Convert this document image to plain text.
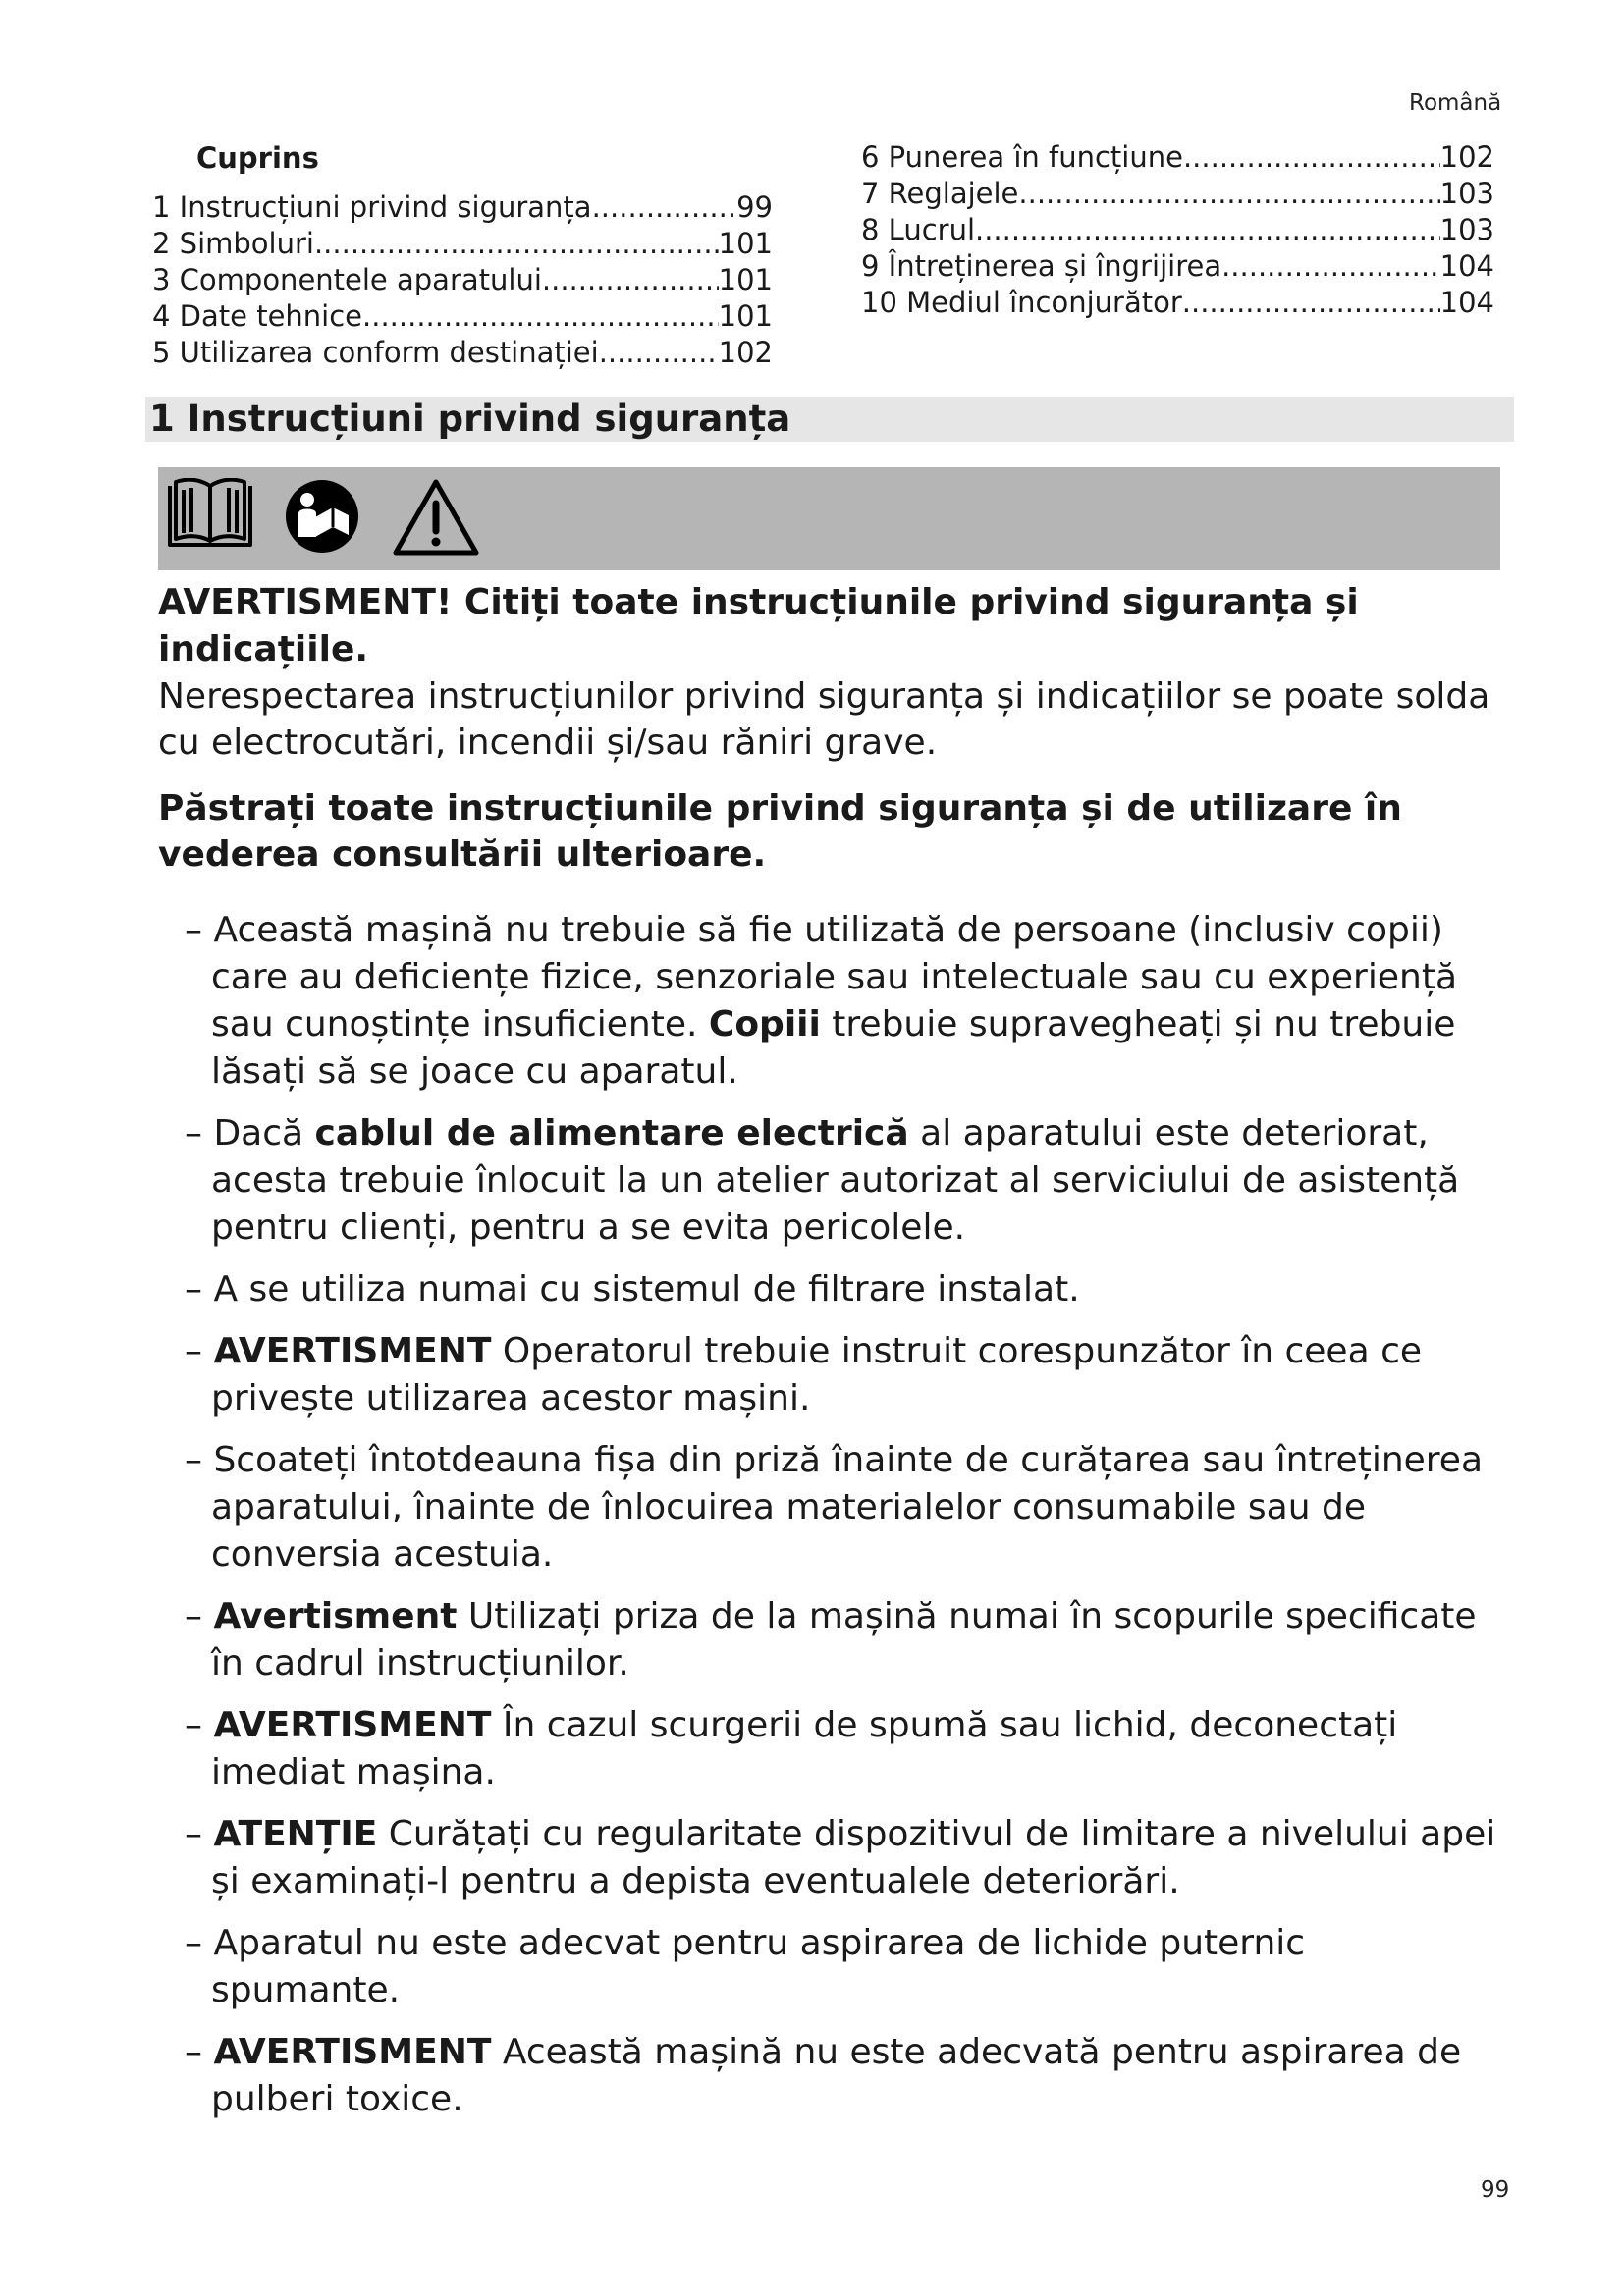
Română
Cuprins
1 Instrucțiuni privind siguranța .....	99
2 Simboluri .....	101
3 Componentele aparatului .....	101
4 Date tehnice .....	101
5 Utilizarea conform destinației .....	102
6 Punerea în funcțiune .....	102
7 Reglajele .....	103
8 Lucrul .....	103
9 Întreținerea și îngrijirea .....	104
10 Mediul înconjurător .....	104
1 Instrucțiuni privind siguranța

AVERTISMENT! Citiți toate instrucțiunile privind siguranța și indicațiile.

Nerespectarea instrucțiunilor privind siguranța și indicațiilor se poate solda cu electrocutări, incendii și/sau răniri grave.

Păstrați toate instrucțiunile privind siguranța și de utilizare în vederea consultării ulterioare.

– Această mașină nu trebuie să fie utilizată de persoane (inclusiv copii) care au deficiențe fizice, senzoriale sau intelectuale sau cu experiență sau cunoștințe insuficiente. Copiii trebuie supravegheați și nu trebuie lăsați să se joace cu aparatul.
– Dacă cablul de alimentare electrică al aparatului este deteriorat, acesta trebuie înlocuit la un atelier autorizat al serviciului de asistență pentru clienți, pentru a se evita pericolele.
– A se utiliza numai cu sistemul de filtrare instalat.
– AVERTISMENT Operatorul trebuie instruit corespunzător în ceea ce privește utilizarea acestor mașini.
– Scoateți întotdeauna fișa din priză înainte de curățarea sau întreținerea aparatului, înainte de înlocuirea materialelor consumabile sau de conversia acestuia.
– Avertisment Utilizați priza de la mașină numai în scopurile specificate în cadrul instrucțiunilor.
– AVERTISMENT În cazul scurgerii de spumă sau lichid, deconectați imediat mașina.
– ATENȚIE Curățați cu regularitate dispozitivul de limitare a nivelului apei și examinați-l pentru a depista eventualele deteriorări.
– Aparatul nu este adecvat pentru aspirarea de lichide puternic spumante.
– AVERTISMENT Această mașină nu este adecvată pentru aspirarea de pulberi toxice.
99
